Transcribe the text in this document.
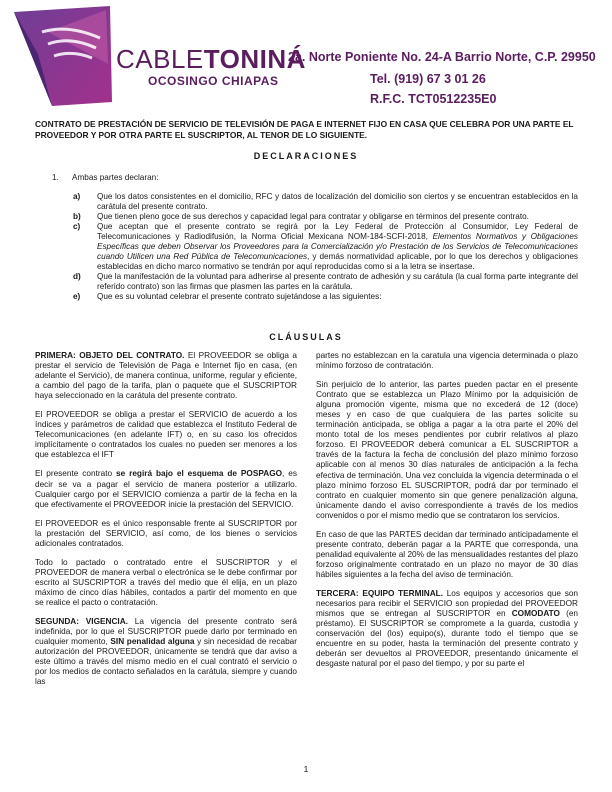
CABLETONINÁ
OCOSINGO CHIAPAS
2a. Norte Poniente No. 24-A Barrio Norte, C.P. 29950
Tel. (919) 67 3 01 26
R.F.C. TCT0512235E0
CONTRATO DE PRESTACIÓN DE SERVICIO DE TELEVISIÓN DE PAGA E INTERNET FIJO EN CASA QUE CELEBRA POR UNA PARTE EL PROVEEDOR Y POR OTRA PARTE EL SUSCRIPTOR, AL TENOR DE LO SIGUIENTE.
DECLARACIONES
1. Ambas partes declaran:
a)	Que los datos consistentes en el domicilio, RFC y datos de localización del domicilio son ciertos y se encuentran establecidos en la carátula del presente contrato.
b)	Que tienen pleno goce de sus derechos y capacidad legal para contratar y obligarse en términos del presente contrato.
c)	Que aceptan que el presente contrato se regirá por la Ley Federal de Protección al Consumidor, Ley Federal de Telecomunicaciones y Radiodifusión, la Norma Oficial Mexicana NOM-184-SCFI-2018, Elementos Normativos y Obligaciones Específicas que deben Observar los Proveedores para la Comercialización y/o Prestación de los Servicios de Telecomunicaciones cuando Utilicen una Red Pública de Telecomunicaciones, y demás normatividad aplicable, por lo que los derechos y obligaciones establecidas en dicho marco normativo se tendrán por aquí reproducidas como si a la letra se insertase.
d)	Que la manifestación de la voluntad para adherirse al presente contrato de adhesión y su carátula (la cual forma parte integrante del referido contrato) son las firmas que plasmen las partes en la carátula.
e)	Que es su voluntad celebrar el presente contrato sujetándose a las siguientes:
CLÁUSULAS

PRIMERA: OBJETO DEL CONTRATO. El PROVEEDOR se obliga a prestar el servicio de Televisión de Paga e Internet fijo en casa, (en adelante el Servicio), de manera continua, uniforme, regular y eficiente, a cambio del pago de la tarifa, plan o paquete que el SUSCRIPTOR haya seleccionado en la carátula del presente contrato.

El PROVEEDOR se obliga a prestar el SERVICIO de acuerdo a los índices y parámetros de calidad que establezca el Instituto Federal de Telecomunicaciones (en adelante IFT) o, en su caso los ofrecidos implícitamente o contratados los cuales no pueden ser menores a los que establezca el IFT

El presente contrato se regirá bajo el esquema de POSPAGO, es decir se va a pagar el servicio de manera posterior a utilizarlo. Cualquier cargo por el SERVICIO comienza a partir de la fecha en la que efectivamente el PROVEEDOR inicie la prestación del SERVICIO.

El PROVEEDOR es el único responsable frente al SUSCRIPTOR por la prestación del SERVICIO, así como, de los bienes o servicios adicionales contratados.

Todo lo pactado o contratado entre el SUSCRIPTOR y el PROVEEDOR de manera verbal o electrónica se le debe confirmar por escrito al SUSCRIPTOR a través del medio que él elija, en un plazo máximo de cinco días hábiles, contados a partir del momento en que se realice el pacto o contratación.

SEGUNDA: VIGENCIA. La vigencia del presente contrato será indefinida, por lo que el SUSCRIPTOR puede darlo por terminado en cualquier momento, SIN penalidad alguna y sin necesidad de recabar autorización del PROVEEDOR, únicamente se tendrá que dar aviso a este último a través del mismo medio en el cual contrató el servicio o por los medios de contacto señalados en la carátula, siempre y cuando las

partes no establezcan en la caratula una vigencia determinada o plazo mínimo forzoso de contratación.

Sin perjuicio de lo anterior, las partes pueden pactar en el presente Contrato que se establezca un Plazo Mínimo por la adquisición de alguna promoción vigente, misma que no excederá de 12 (doce) meses y en caso de que cualquiera de las partes solicite su terminación anticipada, se obliga a pagar a la otra parte el 20% del monto total de los meses pendientes por cubrir relativos al plazo forzoso. El PROVEEDOR deberá comunicar a EL SUSCRIPTOR a través de la factura la fecha de conclusión del plazo mínimo forzoso aplicable con al menos 30 días naturales de anticipación a la fecha efectiva de terminación. Una vez concluida la vigencia determinada o el plazo mínimo forzoso EL SUSCRIPTOR, podrá dar por terminado el contrato en cualquier momento sin que genere penalización alguna, únicamente dando el aviso correspondiente a través de los medios convenidos o por el mismo medio que se contrataron los servicios.

En caso de que las PARTES decidan dar terminado anticipadamente el presente contrato, deberán pagar a la PARTE que corresponda, una penalidad equivalente al 20% de las mensualidades restantes del plazo forzoso originalmente contratado en un plazo no mayor de 30 días hábiles siguientes a la fecha del aviso de terminación.

TERCERA: EQUIPO TERMINAL. Los equipos y accesorios que son necesarios para recibir el SERVICIO son propiedad del PROVEEDOR mismos que se entregan al SUSCRIPTOR en COMODATO (en préstamo). El SUSCRIPTOR se compromete a la guarda, custodia y conservación del (los) equipo(s), durante todo el tiempo que se encuentre en su poder, hasta la terminación del presente contrato y deberán ser devueltos al PROVEEDOR, presentando únicamente el desgaste natural por el paso del tiempo, y por su parte el

1
